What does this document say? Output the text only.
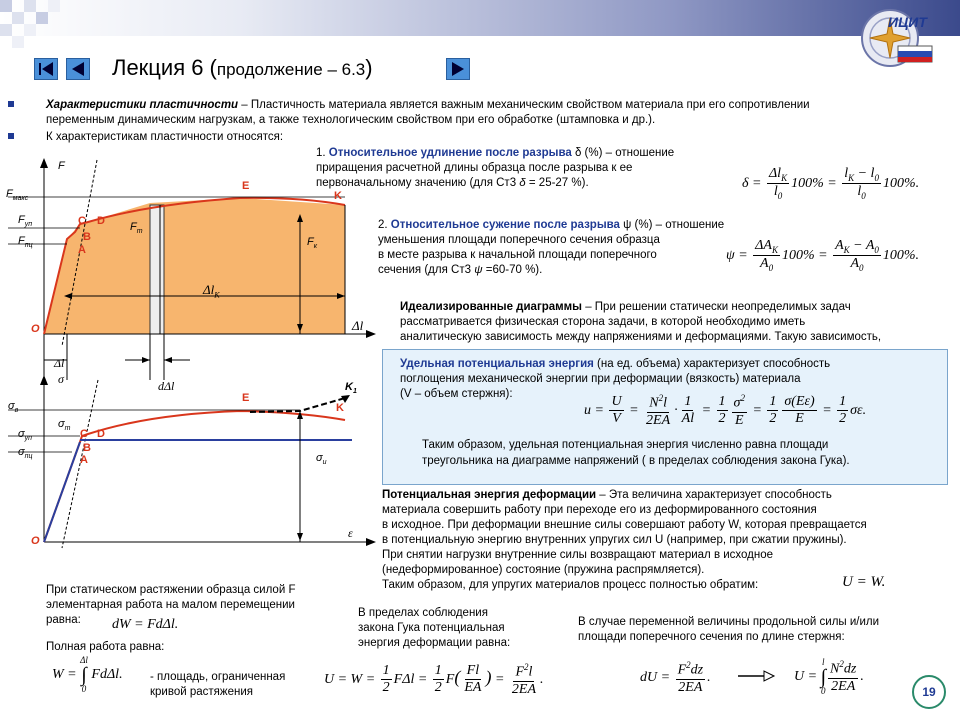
Лекция 6 (продолжение – 6.3)
ИЦИТ
Характеристики пластичности – Пластичность материала является важным механическим свойством материала при его сопротивлении
переменным динамическим нагрузкам, а также технологическим свойством при его обработке (штамповка и др.).
К характеристикам пластичности относятся:
F
$F_{макс}$
$F_{уп}$
$F_{пц}$
O
A
B
C D
E
K
$F_т$
$F_к$
$\Delta l_K$
Δl
Δl
σ	dΔl
$\sigma_в$
$\sigma_{уп}$
$\sigma_{пц}$
$\sigma_т$
$\sigma_и$
O
A
B
C D
E
K
$K_1$
ε
1. Относительное удлинение после разрыва δ (%) – отношение
приращения расчетной длины образца после разрыва к ее
первоначальному значению (для Ст3 δ = 25-27 %).	$\delta = \frac{\Delta l_K}{l_0} 100\% = \frac{l_K - l_0}{l_0} 100\%$.
2. Относительное сужение после разрыва ψ (%) – отношение
уменьшения площади поперечного сечения образца
в месте разрыва к начальной площади поперечного
сечения (для Ст3 ψ =60-70 %).
$\psi = \frac{\Delta A_K}{A_0} 100\% = \frac{A_K - A_0}{A_0} 100\%$.
Идеализированные диаграммы – При решении статически неопределимых задач
рассматривается физическая сторона задачи, в которой необходимо иметь
аналитическую зависимость между напряжениями и деформациями. Такую зависимость,
Удельная потенциальная энергия (на ед. объема) характеризует способность
поглощения механической энергии при деформации (вязкость) материала
(V – объем стержня):
$u = \frac{U}{V} = \frac{N^2l}{2EA} \cdot \frac{1}{Al} = \frac{1}{2} \frac{\sigma^2}{E} = \frac{1}{2} \frac{\sigma(E\varepsilon)}{E} = \frac{1}{2} \sigma\varepsilon$.
Таким образом, удельная потенциальная энергия численно равна площади
треугольника на диаграмме напряжений ( в пределах соблюдения закона Гука).
Потенциальная энергия деформации – Эта величина характеризует способность
материала совершить работу при переходе его из деформированного состояния
в исходное. При деформации внешние силы совершают работу W, которая превращается
в потенциальную энергию внутренних упругих сил U (например, при сжатии пружины).
При снятии нагрузки внутренние силы возвращают материал в исходное
(недеформированное) состояние (пружина распрямляется).
Таким образом, для упругих материалов процесс полностью обратим:	U = W.
При статическом растяжении образца силой F
элементарная работа на малом перемещении
равна: dW = FdΔl.
Полная работа равна:
W =
Δl
∫
0
FdΔl. - площадь, ограниченная
кривой растяжения
В пределах соблюдения
закона Гука потенциальная
энергия деформации равна:
$U = W = \frac{1}{2}$ $F\Delta l = \frac{1}{2} F( \frac{Fl}{EA}$ ) = $\frac{F^2l}{2EA}$ .
В случае переменной величины продольной силы и/или
площади поперечного сечения по длине стержня:
dU = $\frac{F^2dz}{2EA}$ .	U =
l
∫
$0 \frac{N^2dz}{2EA}$ .
19
